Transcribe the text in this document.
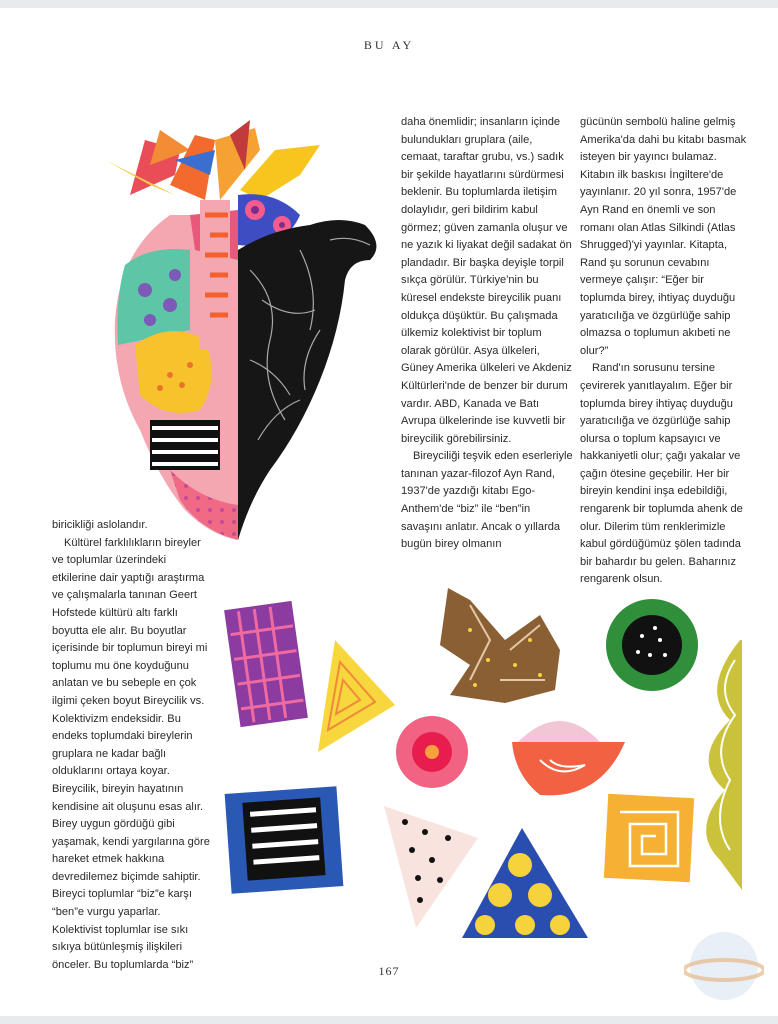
BU AY

daha önemlidir; insanların içinde bulundukları gruplara (aile, cemaat, taraftar grubu, vs.) sadık bir şekilde hayatlarını sürdürmesi beklenir. Bu toplumlarda iletişim dolaylıdır, geri bildirim kabul görmez; güven zamanla oluşur ve ne yazık ki liyakat değil sadakat ön plandadır. Bir başka deyişle torpil sıkça görülür. Türkiye'nin bu küresel endekste bireycilik puanı oldukça düşüktür. Bu çalışmada ülkemiz kolektivist bir toplum olarak görülür. Asya ülkeleri, Güney Amerika ülkeleri ve Akdeniz Kültürleri'nde de benzer bir durum vardır. ABD, Kanada ve Batı Avrupa ülkelerinde ise kuvvetli bir bireycilik görebilirsiniz.

Bireyciliği teşvik eden eserleriyle tanınan yazar-filozof Ayn Rand, 1937'de yazdığı kitabı Ego-Anthem'de “biz” ile “ben”in savaşını anlatır. Ancak o yıllarda bugün birey olmanın

gücünün sembolü haline gelmiş Amerika'da dahi bu kitabı basmak isteyen bir yayıncı bulamaz. Kitabın ilk baskısı İngiltere'de yayınlanır. 20 yıl sonra, 1957'de Ayn Rand en önemli ve son romanı olan Atlas Silkindi (Atlas Shrugged)'yi yayınlar. Kitapta, Rand şu sorunun cevabını vermeye çalışır: “Eğer bir toplumda birey, ihtiyaç duyduğu yaratıcılığa ve özgürlüğe sahip olmazsa o toplumun akıbeti ne olur?”

Rand'ın sorusunu tersine çevirerek yanıtlayalım. Eğer bir toplumda birey ihtiyaç duyduğu yaratıcılığa ve özgürlüğe sahip olursa o toplum kapsayıcı ve hakkaniyetli olur; çağı yakalar ve çağın ötesine geçebilir. Her bir bireyin kendini inşa edebildiği, rengarenk bir toplumda ahenk de olur. Dilerim tüm renklerimizle kabul gördüğümüz şölen tadında bir bahardır bu gelen. Baharınız rengarenk olsun.

biricikliği aslolandır.

Kültürel farklılıkların bireyler ve toplumlar üzerindeki etkilerine dair yaptığı araştırma ve çalışmalarla tanınan Geert Hofstede kültürü altı farklı boyutta ele alır. Bu boyutlar içerisinde bir toplumun bireyi mi toplumu mu öne koyduğunu anlatan ve bu sebeple en çok ilgimi çeken boyut Bireycilik vs. Kolektivizm endeksidir. Bu endeks toplumdaki bireylerin gruplara ne kadar bağlı olduklarını ortaya koyar. Bireycilik, bireyin hayatının kendisine ait oluşunu esas alır. Birey uygun gördüğü gibi yaşamak, kendi yargılarına göre hareket etmek hakkına devredilemez biçimde sahiptir. Bireyci toplumlar “biz”e karşı “ben”e vurgu yaparlar. Kolektivist toplumlar ise sıkı sıkıya bütünleşmiş ilişkileri önceler. Bu toplumlarda “biz”	167
